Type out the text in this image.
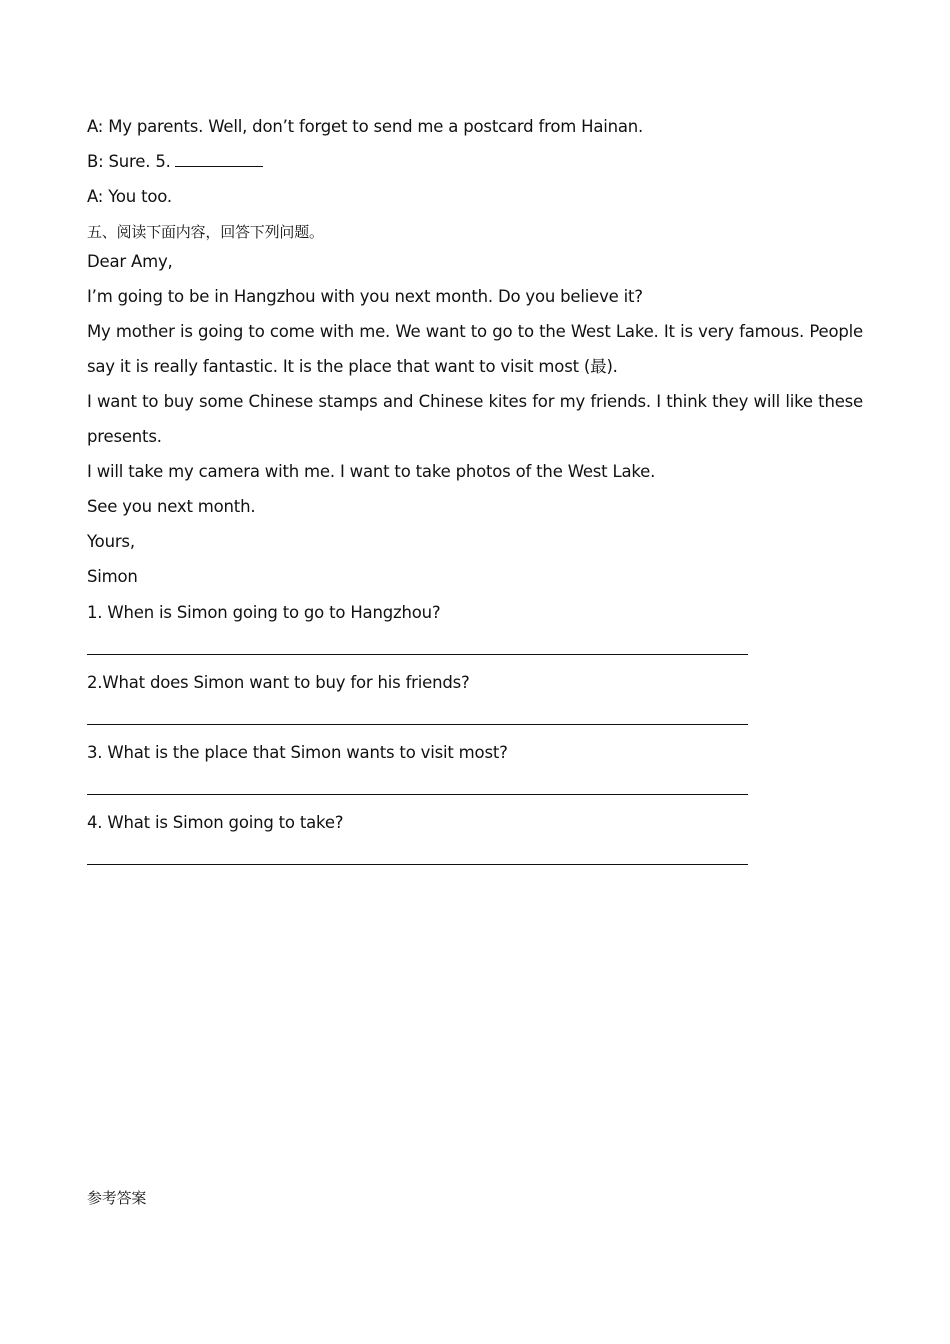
A: My parents. Well, don’t forget to send me a postcard from Hainan.
B: Sure. 5.
A: You too.
五、阅读下面内容，回答下列问题。
Dear Amy,
I’m going to be in Hangzhou with you next month. Do you believe it?
My mother is going to come with me. We want to go to the West Lake. It is very famous. People
say it is really fantastic. It is the place that want to visit most (最).
I want to buy some Chinese stamps and Chinese kites for my friends. I think they will like these
presents.
I will take my camera with me. I want to take photos of the West Lake.
See you next month.
Yours,
Simon
1. When is Simon going to go to Hangzhou?
2.What does Simon want to buy for his friends?
3. What is the place that Simon wants to visit most?
4. What is Simon going to take?
参考答案
